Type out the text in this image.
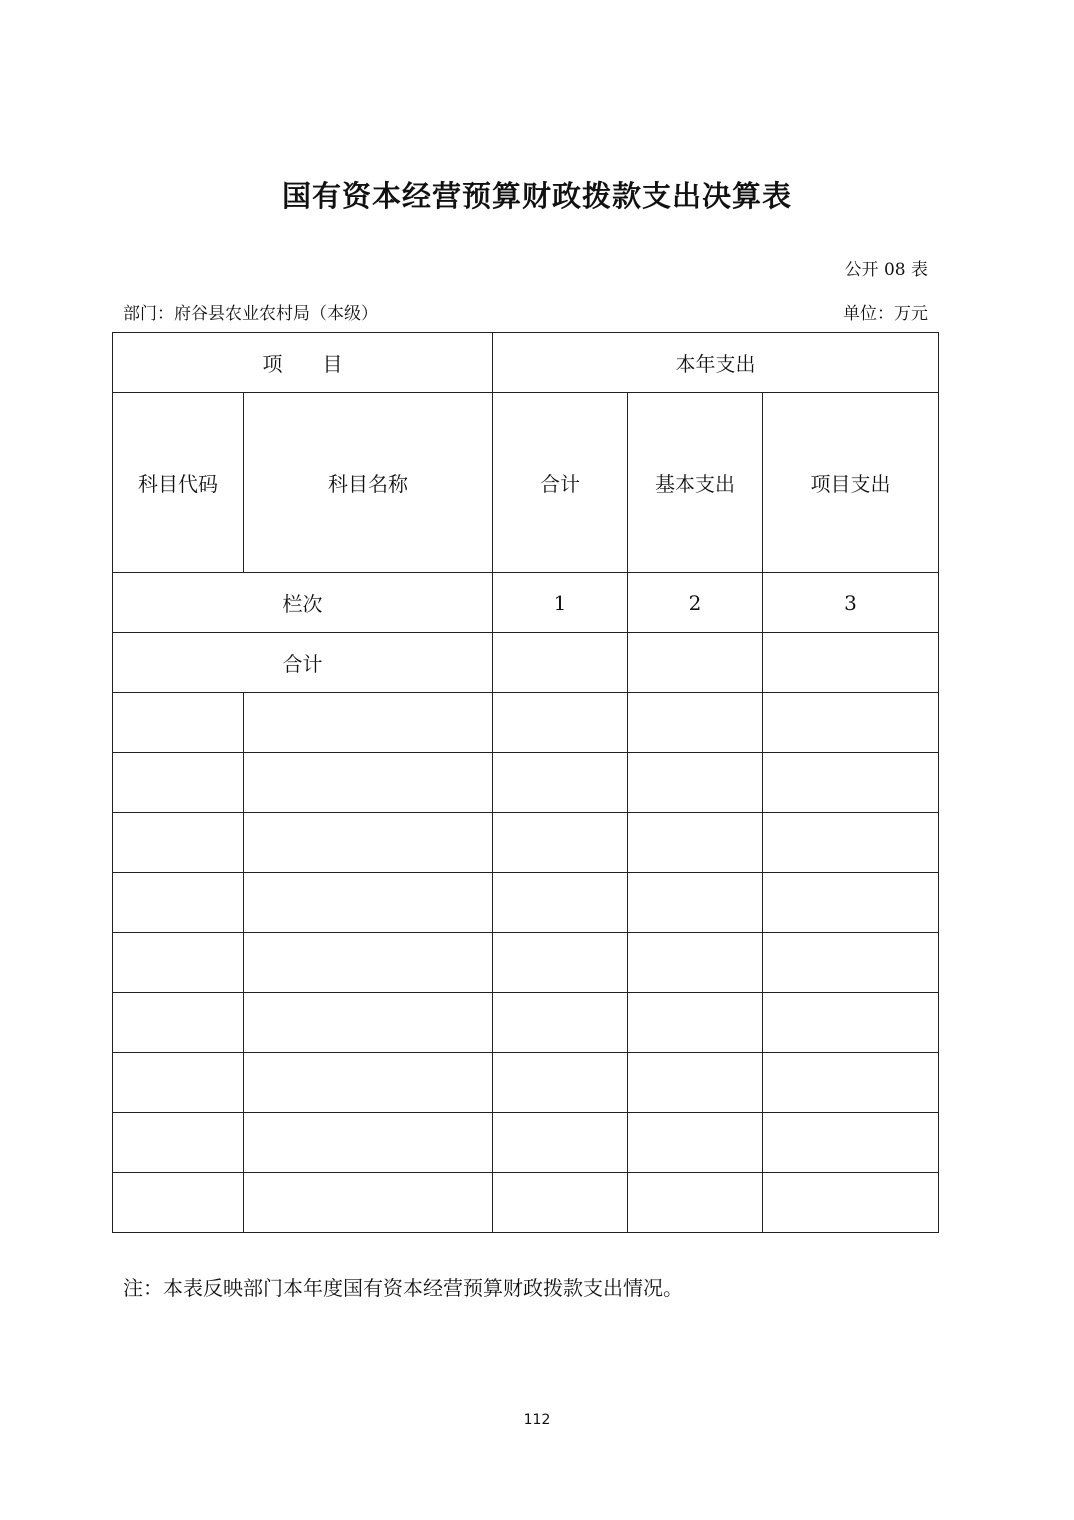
国有资本经营预算财政拨款支出决算表
公开 08 表
部门：府谷县农业农村局（本级）	单位：万元
项　　目		本年支出		
科目代码	科目名称	合计	基本支出	项目支出
栏次		1	2	3
合计				

注：本表反映部门本年度国有资本经营预算财政拨款支出情况。
112
